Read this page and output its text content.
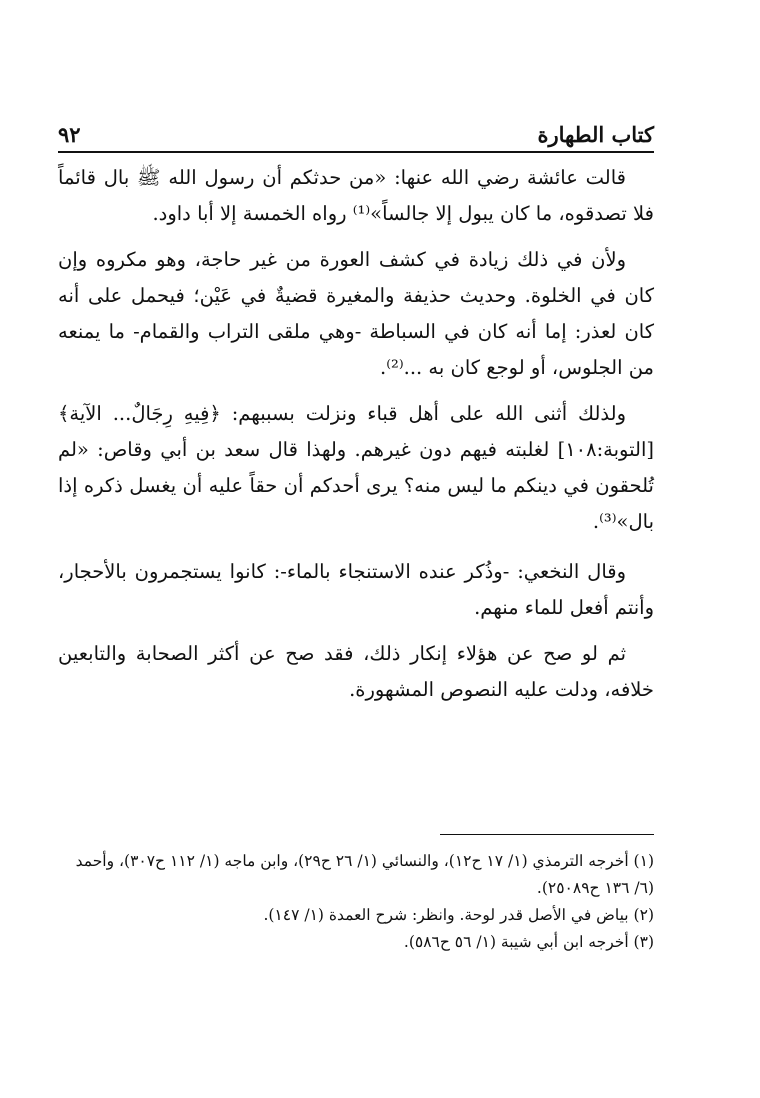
كتاب الطهارة
٩٢

قالت عائشة رضي الله عنها: «من حدثكم أن رسول الله ﷺ بال قائماً فلا تصدقوه، ما كان يبول إلا جالساً»⁽¹⁾ رواه الخمسة إلا أبا داود.

ولأن في ذلك زيادة في كشف العورة من غير حاجة، وهو مكروه وإن كان في الخلوة. وحديث حذيفة والمغيرة قضيةٌ في عَيْن؛ فيحمل على أنه كان لعذر: إما أنه كان في السباطة -وهي ملقى التراب والقمام- ما يمنعه من الجلوس، أو لوجع كان به ...⁽²⁾.

ولذلك أثنى الله على أهل قباء ونزلت بسببهم: ﴿فِيهِ رِجَالٌ... الآية﴾ [التوبة:١٠٨] لغلبته فيهم دون غيرهم. ولهذا قال سعد بن أبي وقاص: «لم تُلحقون في دينكم ما ليس منه؟ يرى أحدكم أن حقاً عليه أن يغسل ذكره إذا بال»⁽³⁾.

وقال النخعي: -وذُكر عنده الاستنجاء بالماء-: كانوا يستجمرون بالأحجار، وأنتم أفعل للماء منهم.

ثم لو صح عن هؤلاء إنكار ذلك، فقد صح عن أكثر الصحابة والتابعين خلافه، ودلت عليه النصوص المشهورة.

(١) أخرجه الترمذي (١/ ١٧ ح١٢)، والنسائي (١/ ٢٦ ح٢٩)، وابن ماجه (١/ ١١٢ ح٣٠٧)، وأحمد (٦/ ١٣٦ ح٢٥٠٨٩).

(٢) بياض في الأصل قدر لوحة. وانظر: شرح العمدة (١/ ١٤٧).

(٣) أخرجه ابن أبي شيبة (١/ ٥٦ ح٥٨٦).
